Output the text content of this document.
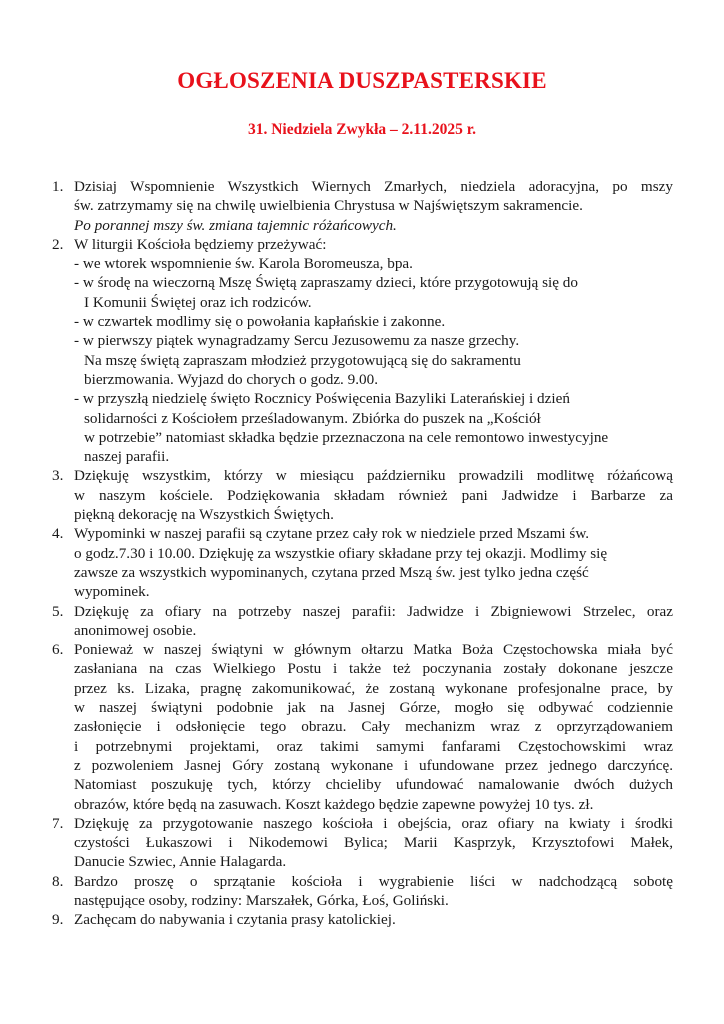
OGŁOSZENIA DUSZPASTERSKIE
31. Niedziela Zwykła – 2.11.2025 r.
1. Dzisiaj Wspomnienie Wszystkich Wiernych Zmarłych, niedziela adoracyjna, po mszy
św. zatrzymamy się na chwilę uwielbienia Chrystusa w Najświętszym sakramencie.
Po porannej mszy św. zmiana tajemnic różańcowych.
2. W liturgii Kościoła będziemy przeżywać:
- we wtorek wspomnienie św. Karola Boromeusza, bpa.
- w środę na wieczorną Mszę Świętą zapraszamy dzieci, które przygotowują się do
I Komunii Świętej oraz ich rodziców.
- w czwartek modlimy się o powołania kapłańskie i zakonne.
- w pierwszy piątek wynagradzamy Sercu Jezusowemu za nasze grzechy.
Na mszę świętą zapraszam młodzież przygotowującą się do sakramentu
bierzmowania. Wyjazd do chorych o godz. 9.00.
- w przyszłą niedzielę święto Rocznicy Poświęcenia Bazyliki Laterańskiej i dzień
solidarności z Kościołem prześladowanym. Zbiórka do puszek na „Kościół
w potrzebie” natomiast składka będzie przeznaczona na cele remontowo inwestycyjne
naszej parafii.
3. Dziękuję wszystkim, którzy w miesiącu październiku prowadzili modlitwę różańcową
w naszym kościele. Podziękowania składam również pani Jadwidze i Barbarze za
piękną dekorację na Wszystkich Świętych.
4. Wypominki w naszej parafii są czytane przez cały rok w niedziele przed Mszami św.
o godz.7.30 i 10.00. Dziękuję za wszystkie ofiary składane przy tej okazji. Modlimy się
zawsze za wszystkich wypominanych, czytana przed Mszą św. jest tylko jedna część
wypominek.
5. Dziękuję za ofiary na potrzeby naszej parafii: Jadwidze i Zbigniewowi Strzelec, oraz
anonimowej osobie.
6. Ponieważ w naszej świątyni w głównym ołtarzu Matka Boża Częstochowska miała być
zasłaniana na czas Wielkiego Postu i także też poczynania zostały dokonane jeszcze
przez ks. Lizaka, pragnę zakomunikować, że zostaną wykonane profesjonalne prace, by
w naszej świątyni podobnie jak na Jasnej Górze, mogło się odbywać codziennie
zasłonięcie i odsłonięcie tego obrazu. Cały mechanizm wraz z oprzyrządowaniem
i potrzebnymi projektami, oraz takimi samymi fanfarami Częstochowskimi wraz
z pozwoleniem Jasnej Góry zostaną wykonane i ufundowane przez jednego darczyńcę.
Natomiast poszukuję tych, którzy chcieliby ufundować namalowanie dwóch dużych
obrazów, które będą na zasuwach. Koszt każdego będzie zapewne powyżej 10 tys. zł.
7. Dziękuję za przygotowanie naszego kościoła i obejścia, oraz ofiary na kwiaty i środki
czystości Łukaszowi i Nikodemowi Bylica; Marii Kasprzyk, Krzysztofowi Małek,
Danucie Szwiec, Annie Halagarda.
8. Bardzo proszę o sprzątanie kościoła i wygrabienie liści w nadchodzącą sobotę
następujące osoby, rodziny: Marszałek, Górka, Łoś, Goliński.
9. Zachęcam do nabywania i czytania prasy katolickiej.
